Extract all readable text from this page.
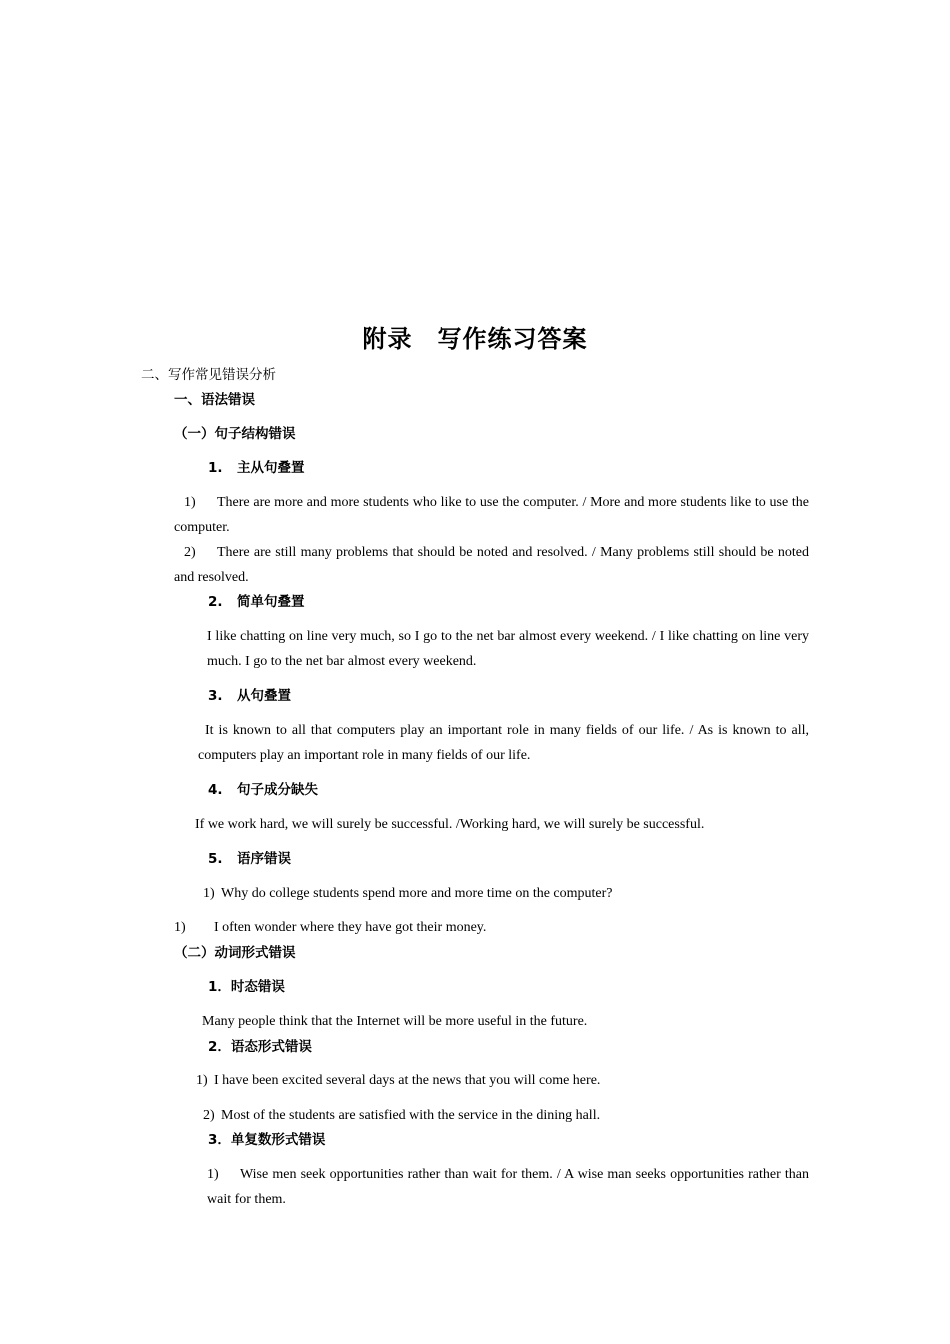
附录　写作练习答案
二、写作常见错误分析
一、语法错误
（一）句子结构错误
1. 主从句叠置
1) There are more and more students who like to use the computer. / More and more students like to use the computer.
2) There are still many problems that should be noted and resolved. / Many problems still should be noted and resolved.
2. 简单句叠置
I like chatting on line very much, so I go to the net bar almost every weekend. / I like chatting on line very much. I go to the net bar almost every weekend.
3. 从句叠置
It is known to all that computers play an important role in many fields of our life. / As is known to all, computers play an important role in many fields of our life.
4. 句子成分缺失
If we work hard, we will surely be successful. /Working hard, we will surely be successful.
5. 语序错误
1) Why do college students spend more and more time on the computer?
1) I often wonder where they have got their money.
（二）动词形式错误
1．时态错误
Many people think that the Internet will be more useful in the future.
2．语态形式错误
1) I have been excited several days at the news that you will come here.
2) Most of the students are satisfied with the service in the dining hall.
3．单复数形式错误
1) Wise men seek opportunities rather than wait for them. / A wise man seeks opportunities rather than wait for them.
